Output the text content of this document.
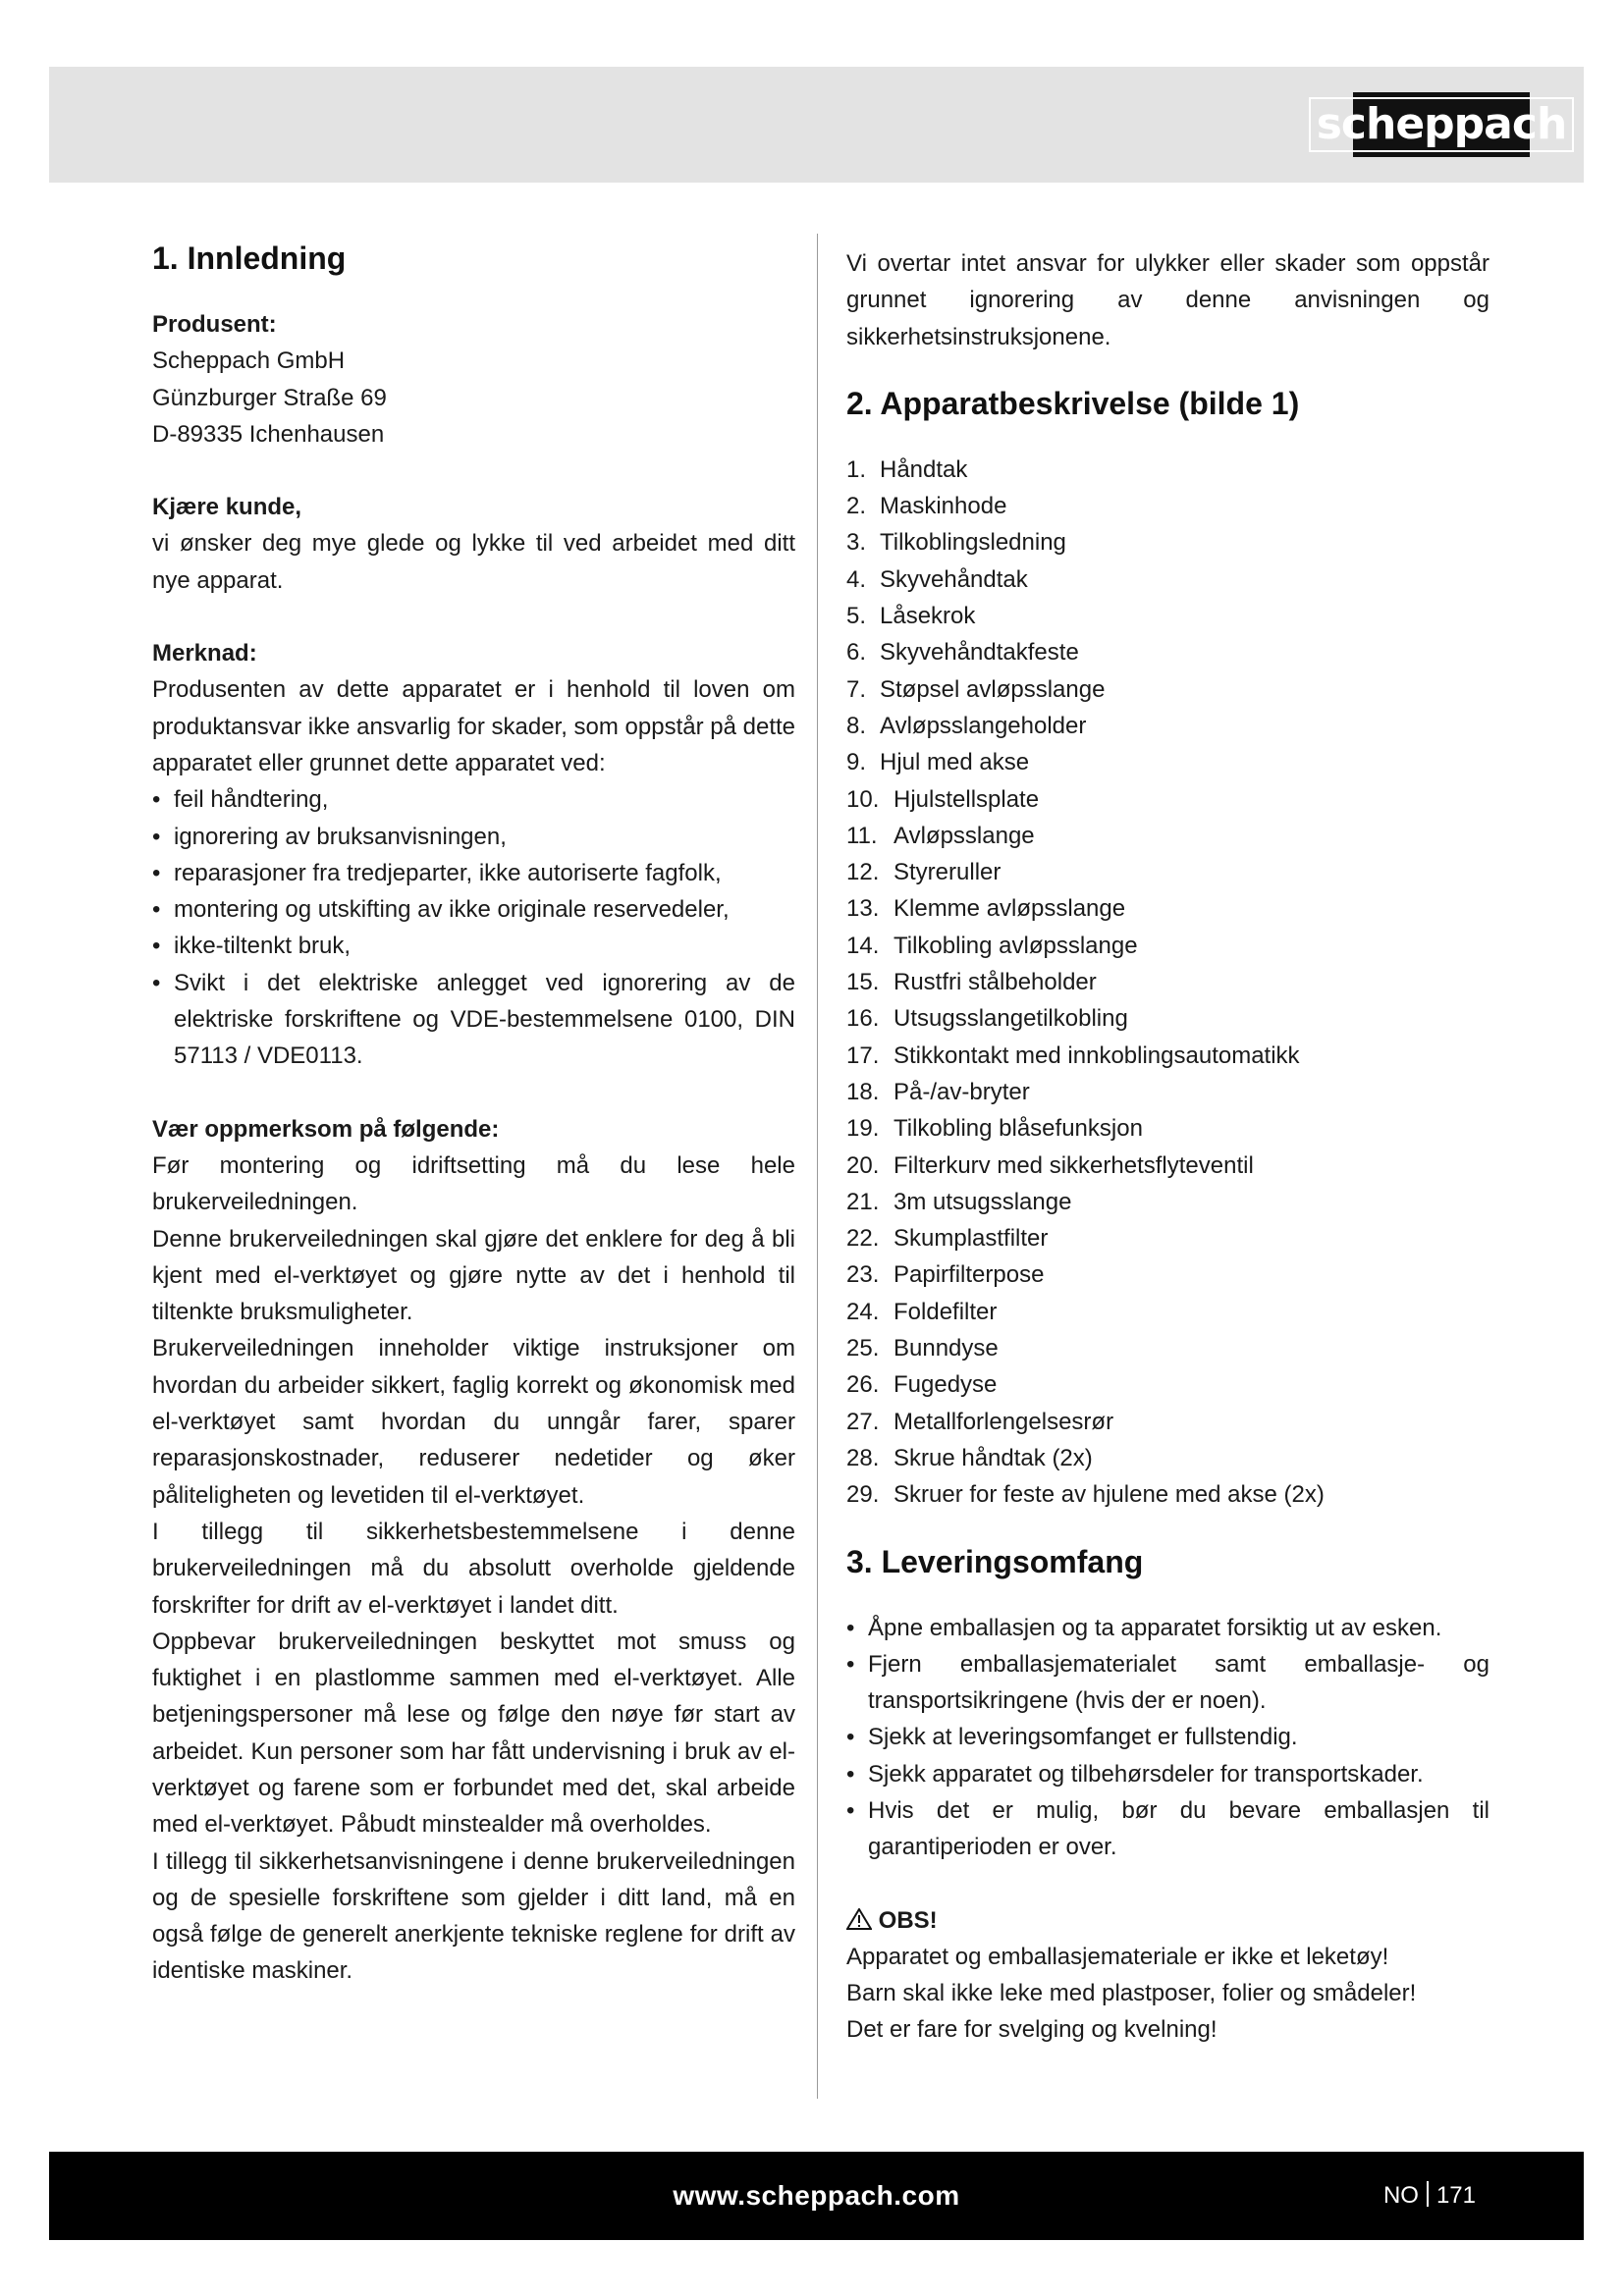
scheppach
1. Innledning

Produsent:

Scheppach GmbH

Günzburger Straße 69

D-89335 Ichenhausen

Kjære kunde,

vi ønsker deg mye glede og lykke til ved arbeidet med ditt nye apparat.

Merknad:

Produsenten av dette apparatet er i henhold til loven om produktansvar ikke ansvarlig for skader, som oppstår på dette apparatet eller grunnet dette apparatet ved:

• feil håndtering,
• ignorering av bruksanvisningen,
• reparasjoner fra tredjeparter, ikke autoriserte fagfolk,
• montering og utskifting av ikke originale reservedeler,
• ikke-tiltenkt bruk,
• Svikt i det elektriske anlegget ved ignorering av de elektriske forskriftene og VDE-bestemmelsene 0100, DIN 57113 / VDE0113.

Vær oppmerksom på følgende:

Før montering og idriftsetting må du lese hele brukerveiledningen.

Denne brukerveiledningen skal gjøre det enklere for deg å bli kjent med el-verktøyet og gjøre nytte av det i henhold til tiltenkte bruksmuligheter.

Brukerveiledningen inneholder viktige instruksjoner om hvordan du arbeider sikkert, faglig korrekt og økonomisk med el-verktøyet samt hvordan du unngår farer, sparer reparasjonskostnader, reduserer nedetider og øker påliteligheten og levetiden til el-verktøyet.

I tillegg til sikkerhetsbestemmelsene i denne brukerveiledningen må du absolutt overholde gjeldende forskrifter for drift av el-verktøyet i landet ditt.

Oppbevar brukerveiledningen beskyttet mot smuss og fuktighet i en plastlomme sammen med el-verktøyet. Alle betjeningspersoner må lese og følge den nøye før start av arbeidet. Kun personer som har fått undervisning i bruk av el-verktøyet og farene som er forbundet med det, skal arbeide med el-verktøyet. Påbudt minstealder må overholdes.

I tillegg til sikkerhetsanvisningene i denne brukerveiledningen og de spesielle forskriftene som gjelder i ditt land, må en også følge de generelt anerkjente tekniske reglene for drift av identiske maskiner.

Vi overtar intet ansvar for ulykker eller skader som oppstår grunnet ignorering av denne anvisningen og sikkerhetsinstruksjonene.

2. Apparatbeskrivelse (bilde 1)
1. Håndtak
2. Maskinhode
3. Tilkoblingsledning
4. Skyvehåndtak
5. Låsekrok
6. Skyvehåndtakfeste
7. Støpsel avløpsslange
8. Avløpsslangeholder
9. Hjul med akse
10. Hjulstellsplate
11. Avløpsslange
12. Styreruller
13. Klemme avløpsslange
14. Tilkobling avløpsslange
15. Rustfri stålbeholder
16. Utsugsslangetilkobling
17. Stikkontakt med innkoblingsautomatikk
18. På-/av-bryter
19. Tilkobling blåsefunksjon
20. Filterkurv med sikkerhetsflyteventil
21. 3m utsugsslange
22. Skumplastfilter
23. Papirfilterpose
24. Foldefilter
25. Bunndyse
26. Fugedyse
27. Metallforlengelsesrør
28. Skrue håndtak (2x)
29. Skruer for feste av hjulene med akse (2x)
3. Leveringsomfang
• Åpne emballasjen og ta apparatet forsiktig ut av esken.
• Fjern emballasjematerialet samt emballasje- og transportsikringene (hvis der er noen).
• Sjekk at leveringsomfanget er fullstendig.
• Sjekk apparatet og tilbehørsdeler for transportskader.
• Hvis det er mulig, bør du bevare emballasjen til garantiperioden er over.

OBS!

Apparatet og emballasjemateriale er ikke et leketøy!

Barn skal ikke leke med plastposer, folier og smådeler!

Det er fare for svelging og kvelning!

www.scheppach.com	NO 171
